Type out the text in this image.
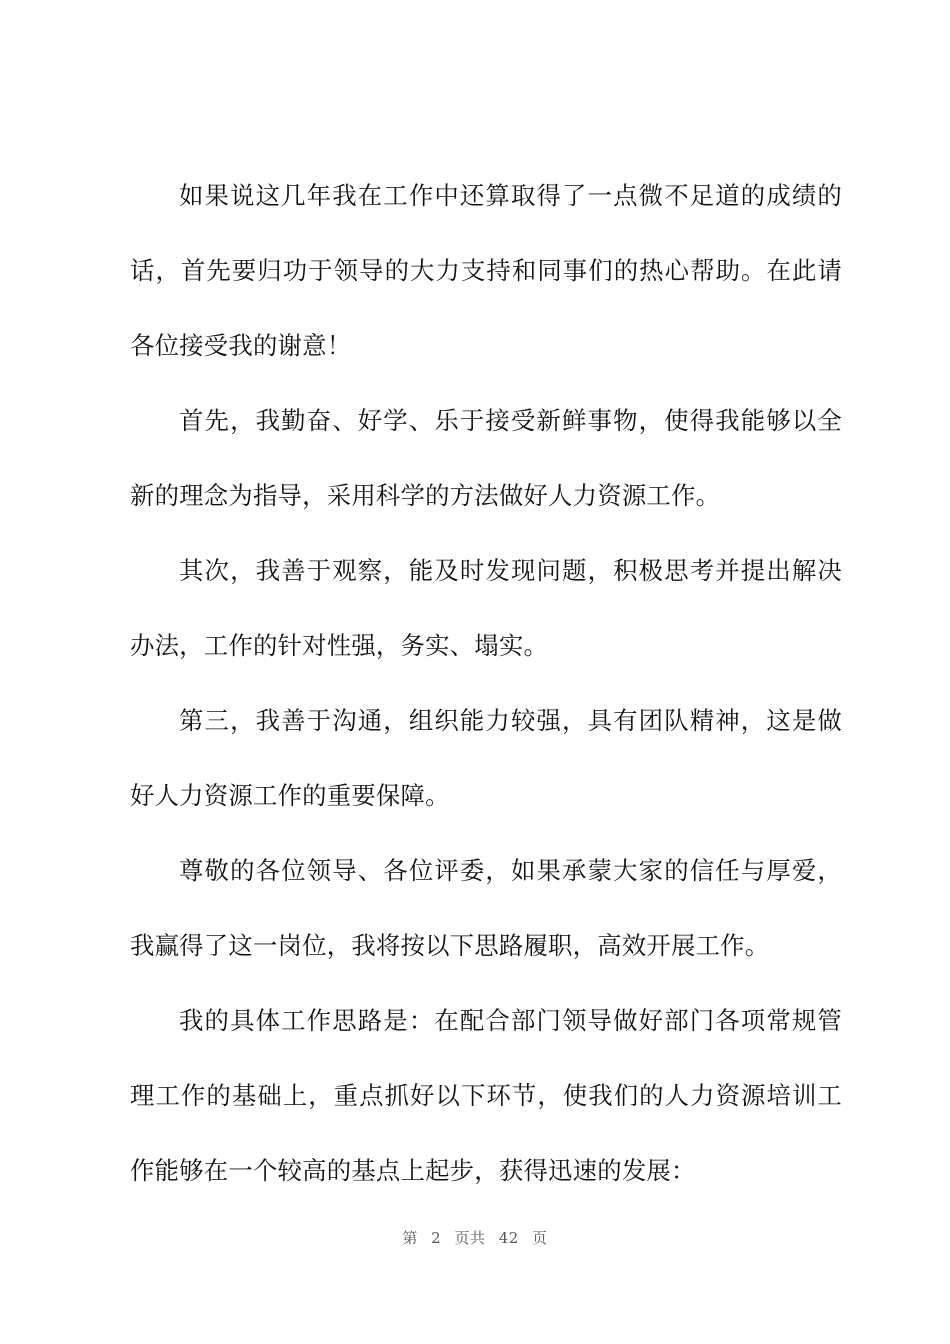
如果说这几年我在工作中还算取得了一点微不足道的成绩的
话，首先要归功于领导的大力支持和同事们的热心帮助。在此请
各位接受我的谢意！
首先，我勤奋、好学、乐于接受新鲜事物，使得我能够以全
新的理念为指导，采用科学的方法做好人力资源工作。
其次，我善于观察，能及时发现问题，积极思考并提出解决
办法，工作的针对性强，务实、塌实。
第三，我善于沟通，组织能力较强，具有团队精神，这是做
好人力资源工作的重要保障。
尊敬的各位领导、各位评委，如果承蒙大家的信任与厚爱，
我赢得了这一岗位，我将按以下思路履职，高效开展工作。
我的具体工作思路是：在配合部门领导做好部门各项常规管
理工作的基础上，重点抓好以下环节，使我们的人力资源培训工
作能够在一个较高的基点上起步，获得迅速的发展：
第 2 页共 42 页
